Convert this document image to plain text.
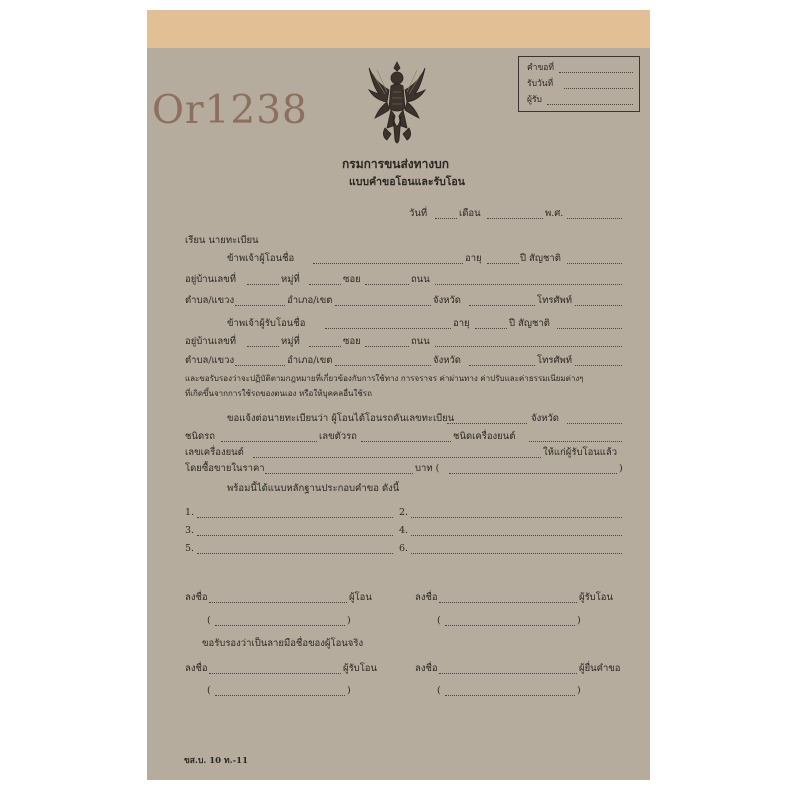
คำขอที่
รับวันที่
ผู้รับ
Or1238
กรมการขนส่งทางบก
แบบคำขอโอนและรับโอน
วันที่	เดือน	พ.ศ.
เรียน นายทะเบียน
ข้าพเจ้าผู้โอนชื่อ	อายุ	ปี สัญชาติ
อยู่บ้านเลขที่	หมู่ที่	ซอย	ถนน
ตำบล/แขวง	อำเภอ/เขต	จังหวัด	โทรศัพท์
ข้าพเจ้าผู้รับโอนชื่อ	อายุ	ปี สัญชาติ
อยู่บ้านเลขที่	หมู่ที่	ซอย	ถนน
ตำบล/แขวง	อำเภอ/เขต	จังหวัด	โทรศัพท์
และขอรับรองว่าจะปฏิบัติตามกฎหมายที่เกี่ยวข้องกับการใช้ทาง การจราจร ค่าผ่านทาง ค่าปรับและค่าธรรมเนียมต่างๆ
ที่เกิดขึ้นจากการใช้รถของตนเอง หรือให้บุคคลอื่นใช้รถ
ขอแจ้งต่อนายทะเบียนว่า ผู้โอนได้โอนรถคันเลขทะเบียน	จังหวัด
ชนิดรถ	เลขตัวรถ	ชนิดเครื่องยนต์
เลขเครื่องยนต์	ให้แก่ผู้รับโอนแล้ว
โดยซื้อขายในราคา	บาท (	)
พร้อมนี้ได้แนบหลักฐานประกอบคำขอ ดังนี้
1.	2.
3.	4.
5.	6.
ลงชื่อ	ผู้โอน	ลงชื่อ	ผู้รับโอน
(	)	(	)
ขอรับรองว่าเป็นลายมือชื่อของผู้โอนจริง
ลงชื่อ	ผู้รับโอน	ลงชื่อ	ผู้ยื่นคำขอ
(	)	(	)
ขส.บ. 10 ท.-11
